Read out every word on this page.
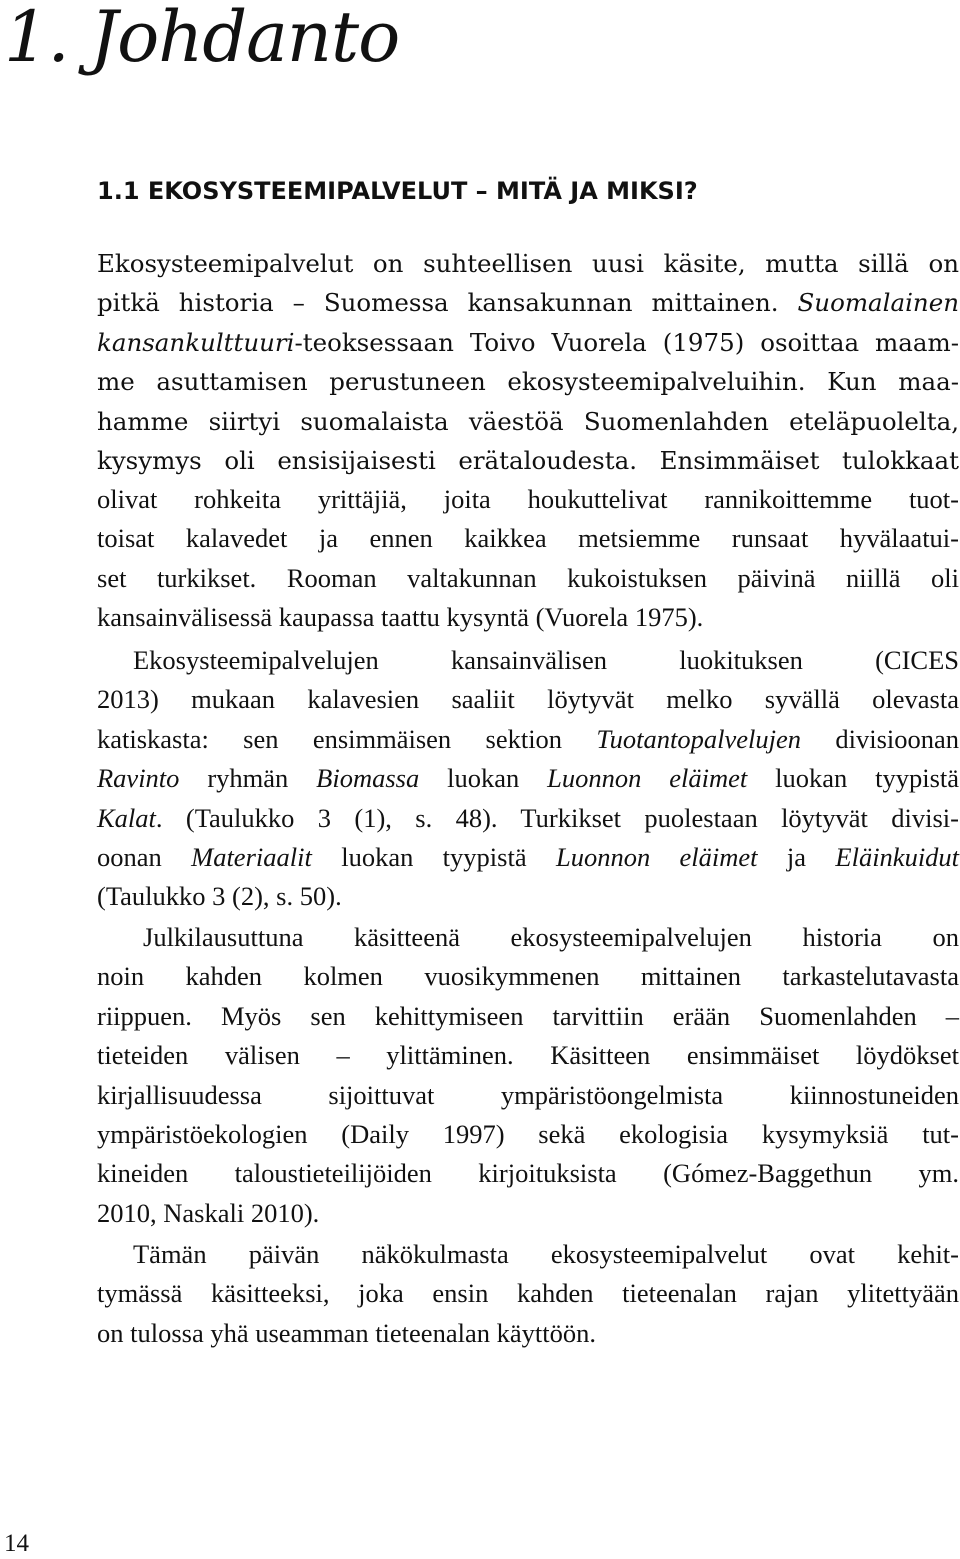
1. Johdanto
1.1 EKOSYSTEEMIPALVELUT – MITÄ JA MIKSI?
Ekosysteemipalvelut on suhteellisen uusi käsite, mutta sillä on
pitkä historia – Suomessa kansakunnan mittainen. Suomalainen
kansankulttuuri-teoksessaan Toivo Vuorela (1975) osoittaa maam-
me asuttamisen perustuneen ekosysteemipalveluihin. Kun maa-
hamme siirtyi suomalaista väestöä Suomenlahden eteläpuolelta,
kysymys oli ensisijaisesti erätaloudesta. Ensimmäiset tulokkaat
olivat rohkeita yrittäjiä, joita houkuttelivat rannikoittemme tuot-
toisat kalavedet ja ennen kaikkea metsiemme runsaat hyvälaatui-
set turkikset. Rooman valtakunnan kukoistuksen päivinä niillä oli
kansainvälisessä kaupassa taattu kysyntä (Vuorela 1975).
Ekosysteemipalvelujen kansainvälisen luokituksen (CICES
2013) mukaan kalavesien saaliit löytyvät melko syvällä olevasta
katiskasta: sen ensimmäisen sektion Tuotantopalvelujen divisioonan
Ravinto ryhmän Biomassa luokan Luonnon eläimet luokan tyypistä
Kalat. (Taulukko 3 (1), s. 48). Turkikset puolestaan löytyvät divisi-
oonan Materiaalit luokan tyypistä Luonnon eläimet ja Eläinkuidut
(Taulukko 3 (2), s. 50).
Julkilausuttuna käsitteenä ekosysteemipalvelujen historia on
noin kahden kolmen vuosikymmenen mittainen tarkastelutavasta
riippuen. Myös sen kehittymiseen tarvittiin erään Suomenlahden –
tieteiden välisen – ylittäminen. Käsitteen ensimmäiset löydökset
kirjallisuudessa sijoittuvat ympäristöongelmista kiinnostuneiden
ympäristöekologien (Daily 1997) sekä ekologisia kysymyksiä tut-
kineiden taloustieteilijöiden kirjoituksista (Gómez-Baggethun ym.
2010, Naskali 2010).
Tämän päivän näkökulmasta ekosysteemipalvelut ovat kehit-
tymässä käsitteeksi, joka ensin kahden tieteenalan rajan ylitettyään
on tulossa yhä useamman tieteenalan käyttöön.
14
